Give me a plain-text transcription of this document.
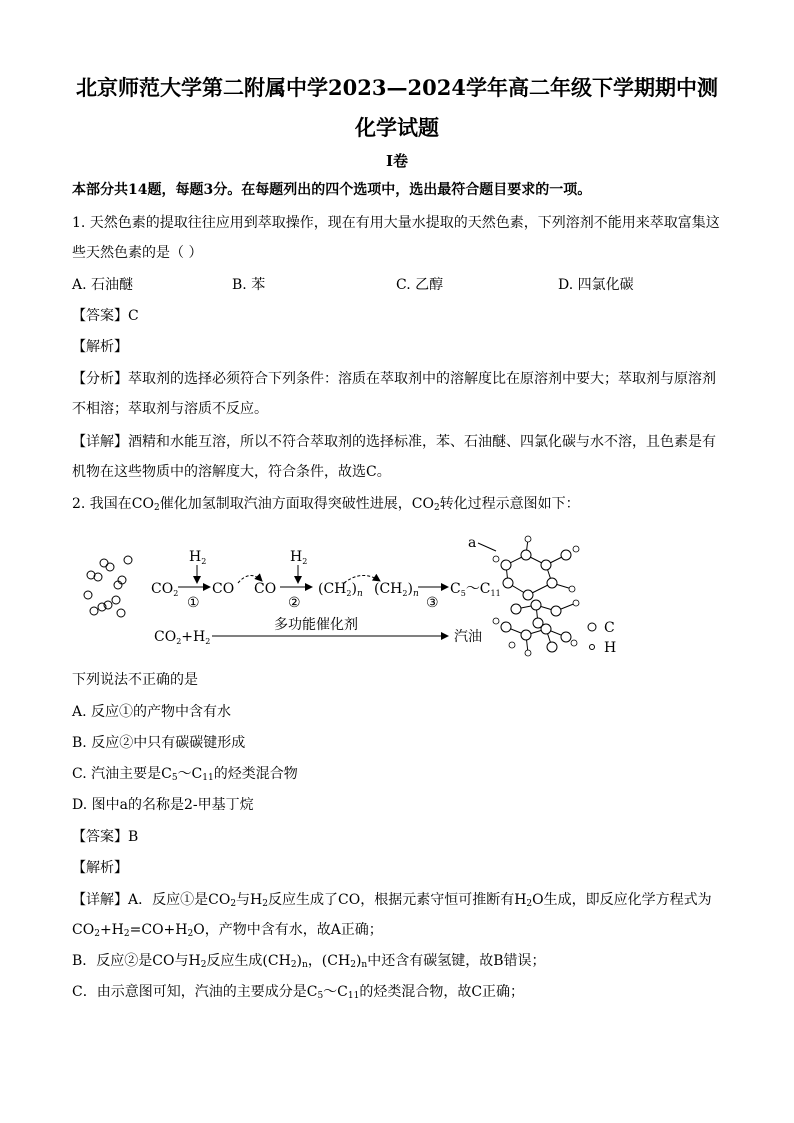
北京师范大学第二附属中学2023—2024学年高二年级下学期期中测
化学试题
I卷
本部分共14题，每题3分。在每题列出的四个选项中，选出最符合题目要求的一项。
1. 天然色素的提取往往应用到萃取操作，现在有用大量水提取的天然色素，下列溶剂不能用来萃取富集这
些天然色素的是（ ）
A. 石油醚	B. 苯	C. 乙醇	D. 四氯化碳
【答案】C
【解析】
【分析】萃取剂的选择必须符合下列条件：溶质在萃取剂中的溶解度比在原溶剂中要大；萃取剂与原溶剂
不相溶；萃取剂与溶质不反应。
【详解】酒精和水能互溶，所以不符合萃取剂的选择标准，苯、石油醚、四氯化碳与水不溶，且色素是有
机物在这些物质中的溶解度大，符合条件，故选C。
2. 我国在$CO_2$催化加氢制取汽油方面取得突破性进展，$CO_2$转化过程示意图如下：
$CO_2$
$H_2$
①
CO CO
$H_2$
②
$(CH_2)_n$ $(CH_2)_n$
③
$C_5\sim C_{11}$
$CO_2+H_2$
多功能催化剂
汽油
a
C
H
下列说法不正确的是
A. 反应①的产物中含有水
B. 反应②中只有碳碳键形成
C. 汽油主要是$C_5\sim C_{11}$的烃类混合物
D. 图中a的名称是2-甲基丁烷
【答案】B
【解析】
【详解】A．反应①是$CO_2$与$H_2$反应生成了CO，根据元素守恒可推断有$H_2O$生成，即反应化学方程式为
$CO_2+H_2=CO+H_2O$，产物中含有水，故A正确；
B．反应②是CO与$H_2$反应生成$(CH_2)_n$，$(CH_2)_n$中还含有碳氢键，故B错误；
C．由示意图可知，汽油的主要成分是$C_5\sim C_{11}$的烃类混合物，故C正确；
